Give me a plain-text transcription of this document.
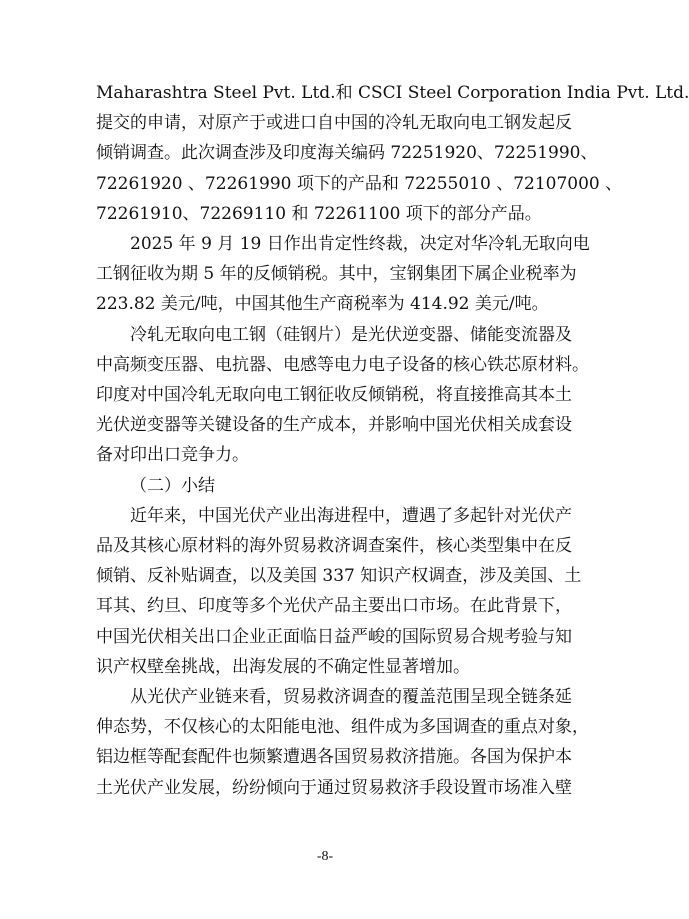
Maharashtra Steel Pvt. Ltd.和 CSCI Steel Corporation India Pvt. Ltd.
提交的申请，对原产于或进口自中国的冷轧无取向电工钢发起反
倾销调查。此次调查涉及印度海关编码 72251920、72251990、
72261920 、72261990 项下的产品和 72255010 、72107000 、
72261910、72269110 和 72261100 项下的部分产品。

　　2025 年 9 月 19 日作出肯定性终裁，决定对华冷轧无取向电
工钢征收为期 5 年的反倾销税。其中，宝钢集团下属企业税率为
223.82 美元/吨，中国其他生产商税率为 414.92 美元/吨。

　　冷轧无取向电工钢（硅钢片）是光伏逆变器、储能变流器及
中高频变压器、电抗器、电感等电力电子设备的核心铁芯原材料。
印度对中国冷轧无取向电工钢征收反倾销税，将直接推高其本土
光伏逆变器等关键设备的生产成本，并影响中国光伏相关成套设
备对印出口竞争力。

（二）小结

　　近年来，中国光伏产业出海进程中，遭遇了多起针对光伏产
品及其核心原材料的海外贸易救济调查案件，核心类型集中在反
倾销、反补贴调查，以及美国 337 知识产权调查，涉及美国、土
耳其、约旦、印度等多个光伏产品主要出口市场。在此背景下，
中国光伏相关出口企业正面临日益严峻的国际贸易合规考验与知
识产权壁垒挑战，出海发展的不确定性显著增加。

　　从光伏产业链来看，贸易救济调查的覆盖范围呈现全链条延
伸态势，不仅核心的太阳能电池、组件成为多国调查的重点对象，
铝边框等配套配件也频繁遭遇各国贸易救济措施。各国为保护本
土光伏产业发展，纷纷倾向于通过贸易救济手段设置市场准入壁

-8-
